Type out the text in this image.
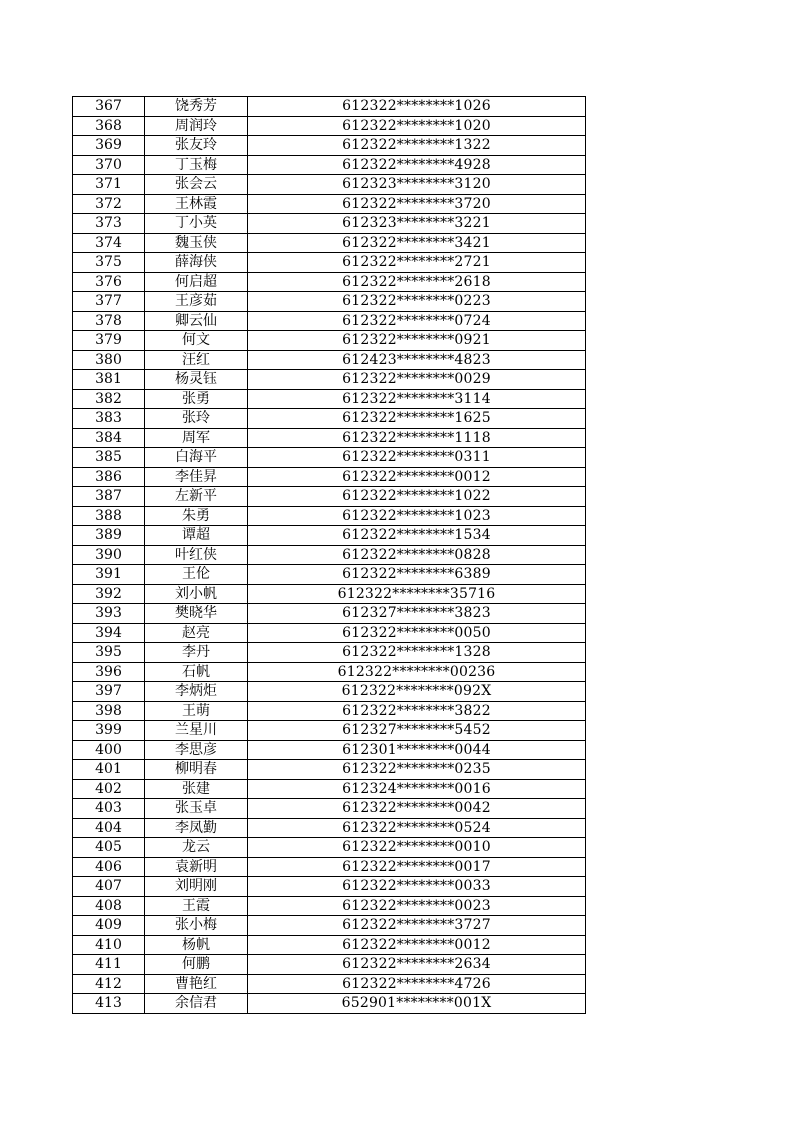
367	饶秀芳	612322********1026
368	周润玲	612322********1020
369	张友玲	612322********1322
370	丁玉梅	612322********4928
371	张会云	612323********3120
372	王林霞	612322********3720
373	丁小英	612323********3221
374	魏玉侠	612322********3421
375	薛海侠	612322********2721
376	何启超	612322********2618
377	王彦茹	612322********0223
378	卿云仙	612322********0724
379	何文	612322********0921
380	汪红	612423********4823
381	杨灵钰	612322********0029
382	张勇	612322********3114
383	张玲	612322********1625
384	周军	612322********1118
385	白海平	612322********0311
386	李佳昇	612322********0012
387	左新平	612322********1022
388	朱勇	612322********1023
389	谭超	612322********1534
390	叶红侠	612322********0828
391	王伦	612322********6389
392	刘小帆	612322********35716
393	樊晓华	612327********3823
394	赵亮	612322********0050
395	李丹	612322********1328
396	石帆	612322********00236
397	李炳炬	612322********092X
398	王萌	612322********3822
399	兰星川	612327********5452
400	李思彦	612301********0044
401	柳明春	612322********0235
402	张建	612324********0016
403	张玉卓	612322********0042
404	李凤勤	612322********0524
405	龙云	612322********0010
406	袁新明	612322********0017
407	刘明刚	612322********0033
408	王霞	612322********0023
409	张小梅	612322********3727
410	杨帆	612322********0012
411	何鹏	612322********2634
412	曹艳红	612322********4726
413	余信君	652901********001X
